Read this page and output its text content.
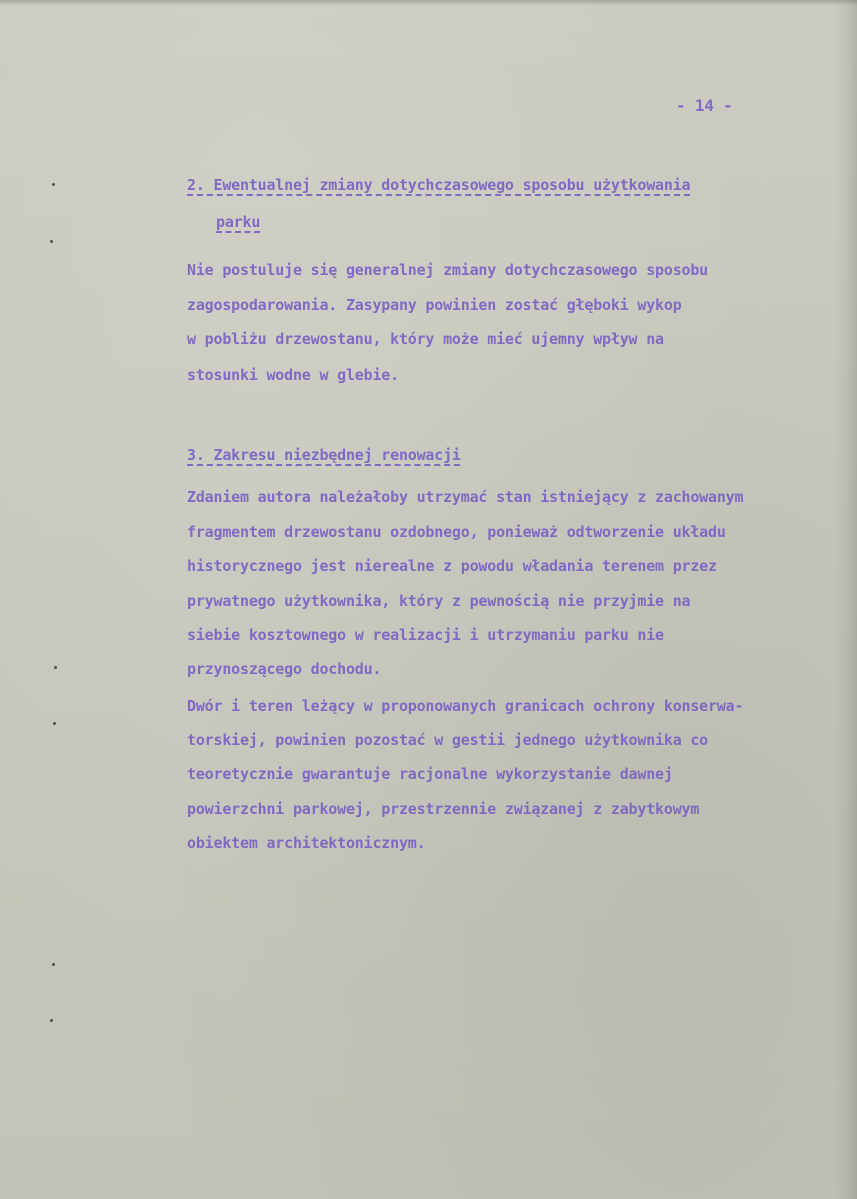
- 14 -
2. Ewentualnej zmiany dotychczasowego sposobu użytkowania
parku
Nie postuluje się generalnej zmiany dotychczasowego sposobu
zagospodarowania. Zasypany powinien zostać głęboki wykop
w pobliżu drzewostanu, który może mieć ujemny wpływ na
stosunki wodne w glebie.
3. Zakresu niezbędnej renowacji
Zdaniem autora należałoby utrzymać stan istniejący z zachowanym
fragmentem drzewostanu ozdobnego, ponieważ odtworzenie układu
historycznego jest nierealne z powodu władania terenem przez
prywatnego użytkownika, który z pewnością nie przyjmie na
siebie kosztownego w realizacji i utrzymaniu parku nie
przynoszącego dochodu.
Dwór i teren leżący w proponowanych granicach ochrony konserwa-
torskiej, powinien pozostać w gestii jednego użytkownika co
teoretycznie gwarantuje racjonalne wykorzystanie dawnej
powierzchni parkowej, przestrzennie związanej z zabytkowym
obiektem architektonicznym.
